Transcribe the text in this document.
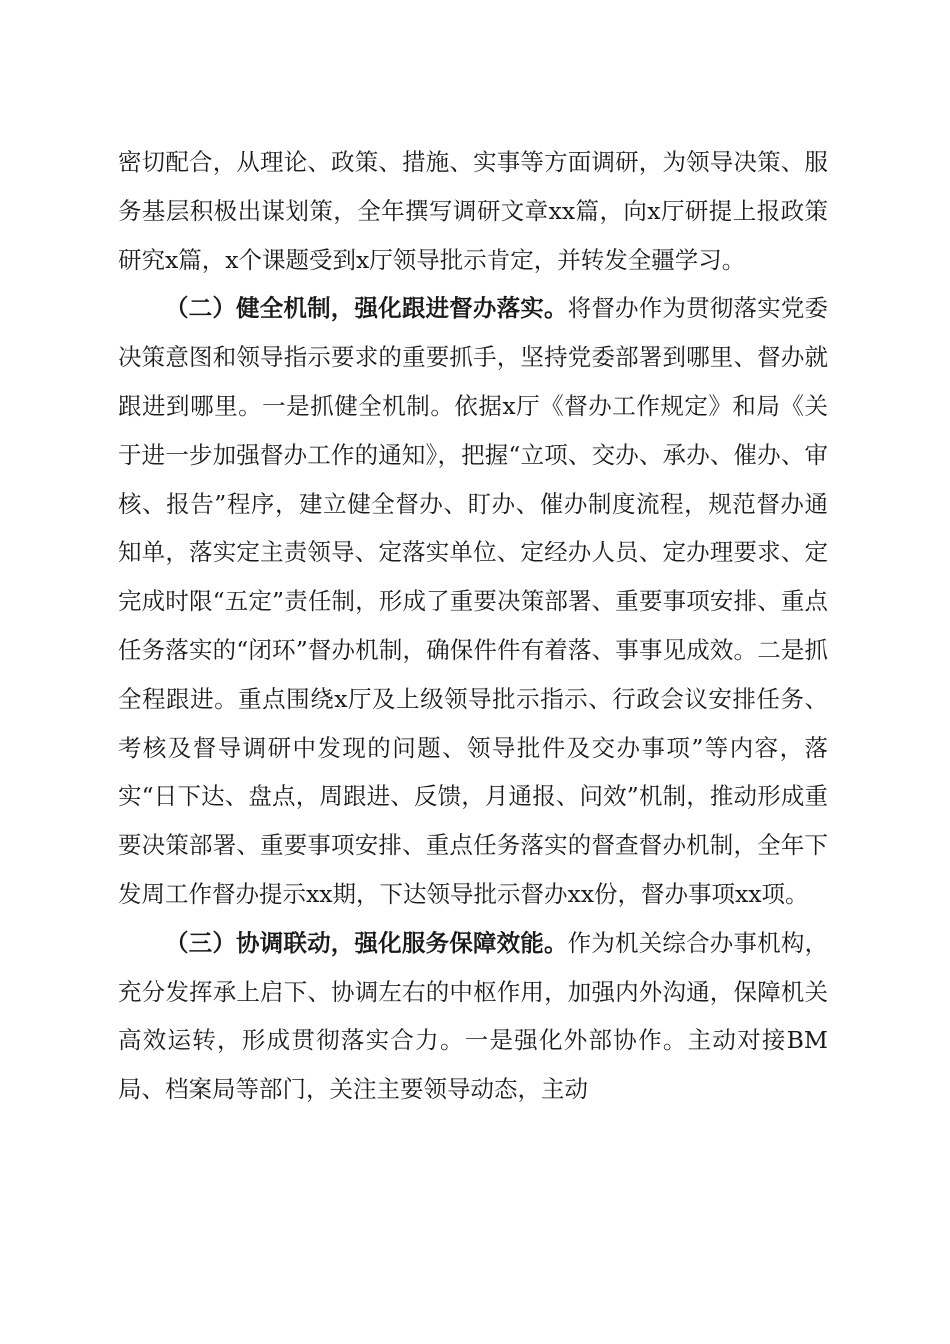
密切配合，从理论、政策、措施、实事等方面调研，为领导决策、服务基层积极出谋划策，全年撰写调研文章xx篇，向x厅研提上报政策研究x篇，x个课题受到x厅领导批示肯定，并转发全疆学习。

（二）健全机制，强化跟进督办落实。将督办作为贯彻落实党委决策意图和领导指示要求的重要抓手，坚持党委部署到哪里、督办就跟进到哪里。一是抓健全机制。依据x厅《督办工作规定》和局《关于进一步加强督办工作的通知》，把握“立项、交办、承办、催办、审核、报告”程序，建立健全督办、盯办、催办制度流程，规范督办通知单，落实定主责领导、定落实单位、定经办人员、定办理要求、定完成时限“五定”责任制，形成了重要决策部署、重要事项安排、重点任务落实的“闭环”督办机制，确保件件有着落、事事见成效。二是抓全程跟进。重点围绕x厅及上级领导批示指示、行政会议安排任务、考核及督导调研中发现的问题、领导批件及交办事项”等内容，落实“日下达、盘点，周跟进、反馈，月通报、问效”机制，推动形成重要决策部署、重要事项安排、重点任务落实的督查督办机制，全年下发周工作督办提示xx期，下达领导批示督办xx份，督办事项xx项。

（三）协调联动，强化服务保障效能。作为机关综合办事机构，充分发挥承上启下、协调左右的中枢作用，加强内外沟通，保障机关高效运转，形成贯彻落实合力。一是强化外部协作。主动对接BM局、档案局等部门，关注主要领导动态，主动
